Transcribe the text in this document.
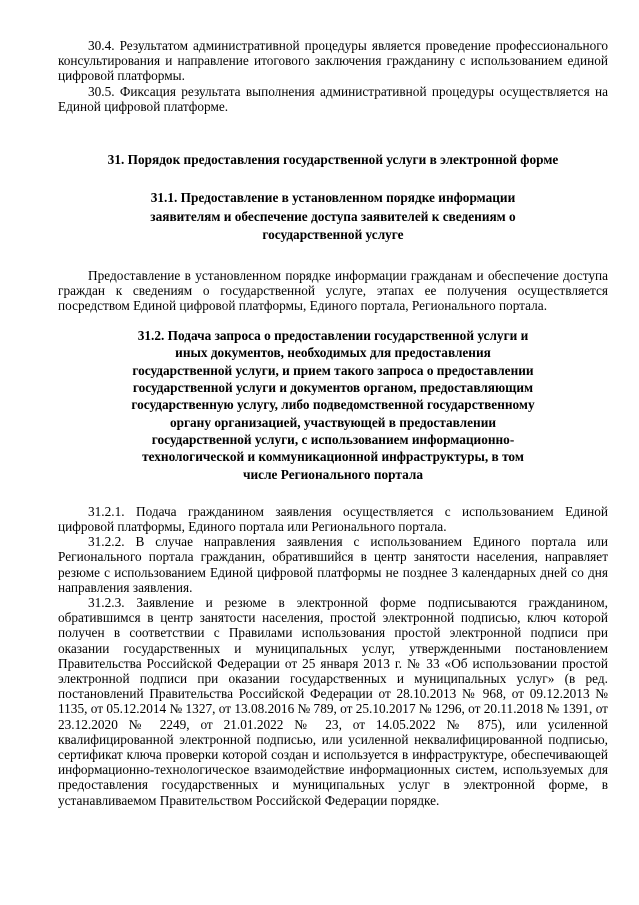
30.4. Результатом административной процедуры является проведение профессионального консультирования и направление итогового заключения гражданину с использованием единой цифровой платформы.

30.5. Фиксация результата выполнения административной процедуры осуществляется на Единой цифровой платформе.

31. Порядок предоставления государственной услуги в электронной форме
31.1. Предоставление в установленном порядке информации заявителям и обеспечение доступа заявителей к сведениям о государственной услуге

Предоставление в установленном порядке информации гражданам и обеспечение доступа граждан к сведениям о государственной услуге, этапах ее получения осуществляется посредством Единой цифровой платформы, Единого портала, Регионального портала.

31.2. Подача запроса о предоставлении государственной услуги и иных документов, необходимых для предоставления государственной услуги, и прием такого запроса о предоставлении государственной услуги и документов органом, предоставляющим государственную услугу, либо подведомственной государственному органу организацией, участвующей в предоставлении государственной услуги, с использованием информационно-технологической и коммуникационной инфраструктуры, в том числе Регионального портала

31.2.1. Подача гражданином заявления осуществляется с использованием Единой цифровой платформы, Единого портала или Регионального портала.

31.2.2. В случае направления заявления с использованием Единого портала или Регионального портала гражданин, обратившийся в центр занятости населения, направляет резюме с использованием Единой цифровой платформы не позднее 3 календарных дней со дня направления заявления.

31.2.3. Заявление и резюме в электронной форме подписываются гражданином, обратившимся в центр занятости населения, простой электронной подписью, ключ которой получен в соответствии с Правилами использования простой электронной подписи при оказании государственных и муниципальных услуг, утвержденными постановлением Правительства Российской Федерации от 25 января 2013 г. № 33 «Об использовании простой электронной подписи при оказании государственных и муниципальных услуг» (в ред. постановлений Правительства Российской Федерации от 28.10.2013 № 968, от 09.12.2013 № 1135, от 05.12.2014 № 1327, от 13.08.2016 № 789, от 25.10.2017 № 1296, от 20.11.2018 № 1391, от 23.12.2020 № 2249, от 21.01.2022 № 23, от 14.05.2022 № 875), или усиленной квалифицированной электронной подписью, или усиленной неквалифицированной подписью, сертификат ключа проверки которой создан и используется в инфраструктуре, обеспечивающей информационно-технологическое взаимодействие информационных систем, используемых для предоставления государственных и муниципальных услуг в электронной форме, в устанавливаемом Правительством Российской Федерации порядке.
